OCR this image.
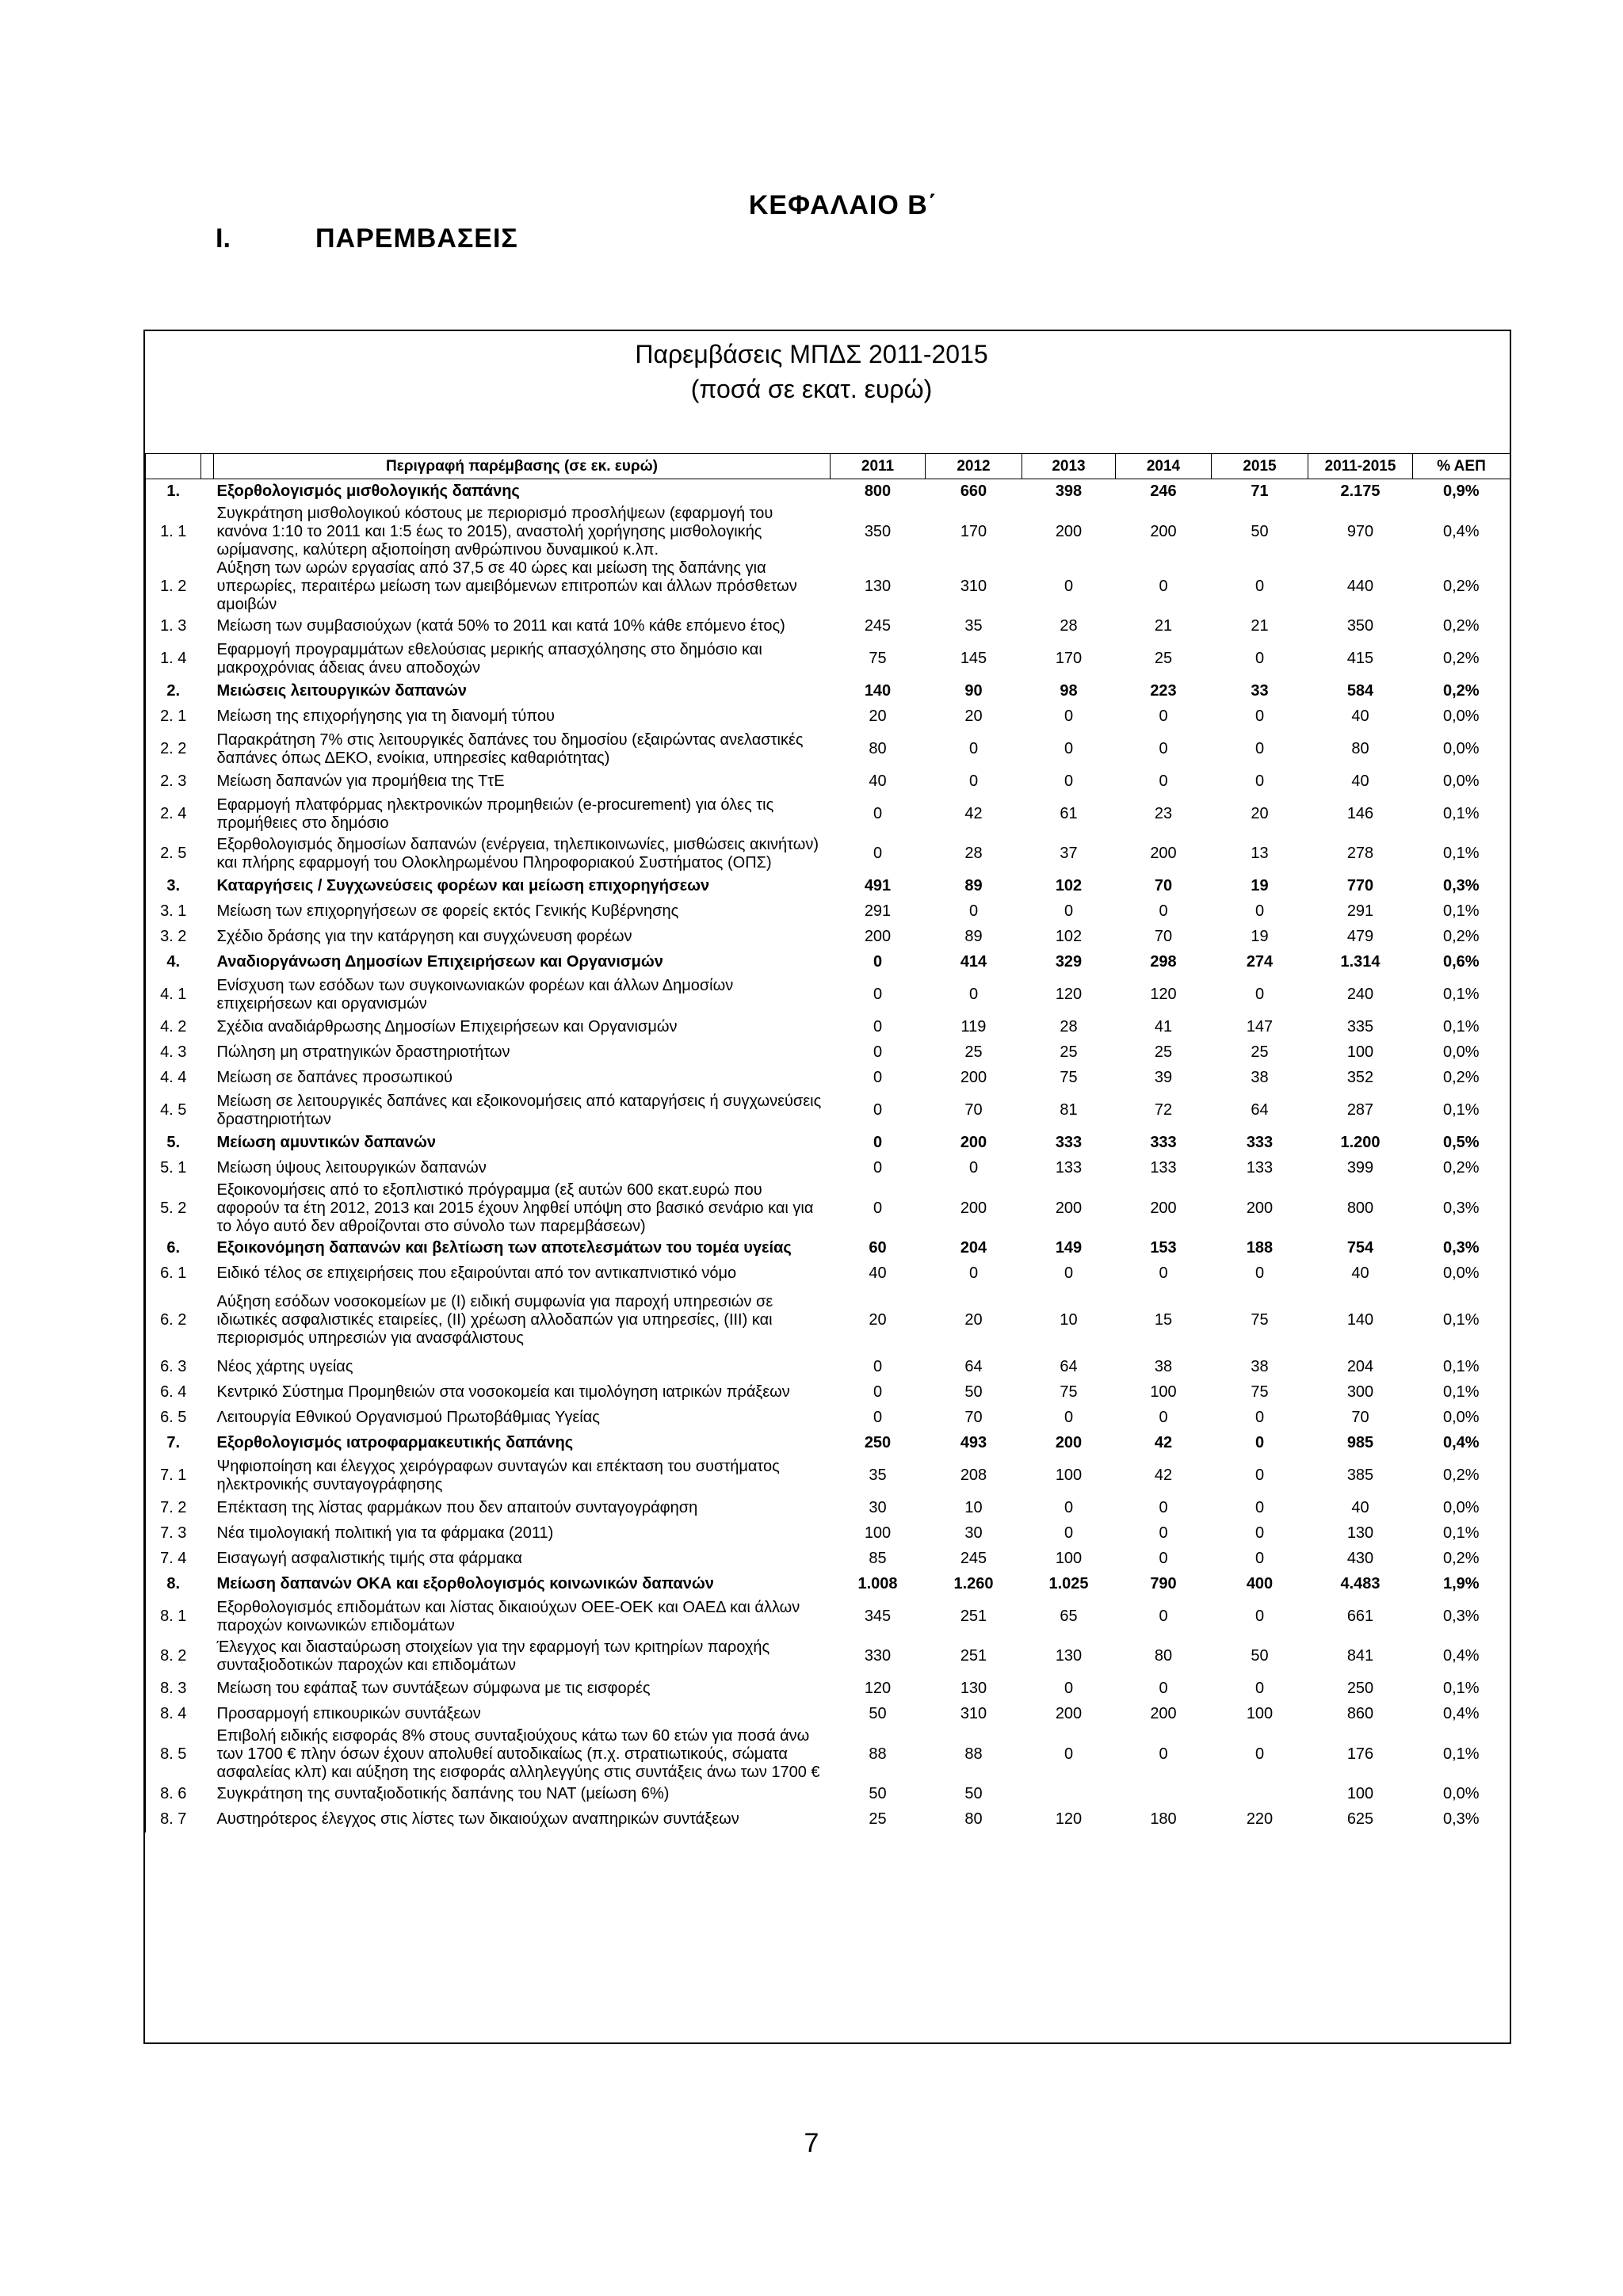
ΚΕΦΑΛΑΙΟ Β΄
I.	ΠΑΡΕΜΒΑΣΕΙΣ
Παρεμβάσεις ΜΠΔΣ 2011-2015
(ποσά σε εκατ. ευρώ)
		Περιγραφή παρέμβασης (σε εκ. ευρώ)	2011	2012	2013	2014	2015	2011-2015	% ΑΕΠ
1.		Εξορθολογισμός μισθολογικής δαπάνης	800	660	398	246	71	2.175	0,9%
1. 1		Συγκράτηση μισθολογικού κόστους με περιορισμό προσλήψεων (εφαρμογή του κανόνα 1:10 το 2011 και 1:5 έως το 2015), αναστολή χορήγησης μισθολογικής ωρίμανσης, καλύτερη αξιοποίηση ανθρώπινου δυναμικού κ.λπ.	350	170	200	200	50	970	0,4%
1. 2		Αύξηση των ωρών εργασίας από 37,5 σε 40 ώρες και μείωση της δαπάνης για υπερωρίες, περαιτέρω μείωση των αμειβόμενων επιτροπών και άλλων πρόσθετων αμοιβών	130	310	0	0	0	440	0,2%
1. 3		Μείωση των συμβασιούχων (κατά 50% το 2011 και κατά 10% κάθε επόμενο έτος)	245	35	28	21	21	350	0,2%
1. 4		Εφαρμογή προγραμμάτων εθελούσιας μερικής απασχόλησης στο δημόσιο και μακροχρόνιας άδειας άνευ αποδοχών	75	145	170	25	0	415	0,2%
2.		Μειώσεις λειτουργικών δαπανών	140	90	98	223	33	584	0,2%
2. 1		Μείωση της επιχορήγησης για τη διανομή τύπου	20	20	0	0	0	40	0,0%
2. 2		Παρακράτηση 7% στις λειτουργικές δαπάνες του δημοσίου (εξαιρώντας ανελαστικές δαπάνες όπως ΔΕΚΟ, ενοίκια, υπηρεσίες καθαριότητας)	80	0	0	0	0	80	0,0%
2. 3		Μείωση δαπανών για προμήθεια της ΤτΕ	40	0	0	0	0	40	0,0%
2. 4		Εφαρμογή πλατφόρμας ηλεκτρονικών προμηθειών (e-procurement) για όλες τις προμήθειες στο δημόσιο	0	42	61	23	20	146	0,1%
2. 5		Εξορθολογισμός δημοσίων δαπανών (ενέργεια, τηλεπικοινωνίες, μισθώσεις ακινήτων) και πλήρης εφαρμογή του Ολοκληρωμένου Πληροφοριακού Συστήματος (ΟΠΣ)	0	28	37	200	13	278	0,1%
3.		Καταργήσεις / Συγχωνεύσεις φορέων και μείωση επιχορηγήσεων	491	89	102	70	19	770	0,3%
3. 1		Μείωση των επιχορηγήσεων σε φορείς εκτός Γενικής Κυβέρνησης	291	0	0	0	0	291	0,1%
3. 2		Σχέδιο δράσης για την κατάργηση και συγχώνευση φορέων	200	89	102	70	19	479	0,2%
4.		Αναδιοργάνωση Δημοσίων Επιχειρήσεων και Οργανισμών	0	414	329	298	274	1.314	0,6%
4. 1		Ενίσχυση των εσόδων των συγκοινωνιακών φορέων και άλλων Δημοσίων επιχειρήσεων και οργανισμών	0	0	120	120	0	240	0,1%
4. 2		Σχέδια αναδιάρθρωσης Δημοσίων Επιχειρήσεων και Οργανισμών	0	119	28	41	147	335	0,1%
4. 3		Πώληση μη στρατηγικών δραστηριοτήτων	0	25	25	25	25	100	0,0%
4. 4		Μείωση σε δαπάνες προσωπικού	0	200	75	39	38	352	0,2%
4. 5		Μείωση σε λειτουργικές δαπάνες και εξοικονομήσεις από καταργήσεις ή συγχωνεύσεις δραστηριοτήτων	0	70	81	72	64	287	0,1%
5.		Μείωση αμυντικών δαπανών	0	200	333	333	333	1.200	0,5%
5. 1		Μείωση ύψους λειτουργικών δαπανών	0	0	133	133	133	399	0,2%
5. 2		Εξοικονομήσεις από το εξοπλιστικό πρόγραμμα (εξ αυτών 600 εκατ.ευρώ που αφορούν τα έτη 2012, 2013 και 2015 έχουν ληφθεί υπόψη στο βασικό σενάριο και για το λόγο αυτό δεν αθροίζονται στο σύνολο των παρεμβάσεων)	0	200	200	200	200	800	0,3%
6.		Εξοικονόμηση δαπανών και βελτίωση των αποτελεσμάτων του τομέα υγείας	60	204	149	153	188	754	0,3%
6. 1		Ειδικό τέλος σε επιχειρήσεις που εξαιρούνται από τον αντικαπνιστικό νόμο	40	0	0	0	0	40	0,0%
6. 2		Αύξηση εσόδων νοσοκομείων με (Ι) ειδική συμφωνία για παροχή υπηρεσιών σε ιδιωτικές ασφαλιστικές εταιρείες, (ΙΙ) χρέωση αλλοδαπών για υπηρεσίες, (ΙΙΙ) και περιορισμός υπηρεσιών για ανασφάλιστους	20	20	10	15	75	140	0,1%
6. 3		Νέος χάρτης υγείας	0	64	64	38	38	204	0,1%
6. 4		Κεντρικό Σύστημα Προμηθειών στα νοσοκομεία και τιμολόγηση ιατρικών πράξεων	0	50	75	100	75	300	0,1%
6. 5		Λειτουργία Εθνικού Οργανισμού Πρωτοβάθμιας Υγείας	0	70	0	0	0	70	0,0%
7.		Εξορθολογισμός ιατροφαρμακευτικής δαπάνης	250	493	200	42	0	985	0,4%
7. 1		Ψηφιοποίηση και έλεγχος χειρόγραφων συνταγών και επέκταση του συστήματος ηλεκτρονικής συνταγογράφησης	35	208	100	42	0	385	0,2%
7. 2		Επέκταση της λίστας φαρμάκων που δεν απαιτούν συνταγογράφηση	30	10	0	0	0	40	0,0%
7. 3		Νέα τιμολογιακή πολιτική για τα φάρμακα (2011)	100	30	0	0	0	130	0,1%
7. 4		Εισαγωγή ασφαλιστικής τιμής στα φάρμακα	85	245	100	0	0	430	0,2%
8.		Μείωση δαπανών ΟΚΑ και εξορθολογισμός κοινωνικών δαπανών	1.008	1.260	1.025	790	400	4.483	1,9%
8. 1		Εξορθολογισμός επιδομάτων και λίστας δικαιούχων ΟΕΕ-ΟΕΚ και ΟΑΕΔ και άλλων παροχών κοινωνικών επιδομάτων	345	251	65	0	0	661	0,3%
8. 2		Έλεγχος και διασταύρωση στοιχείων για την εφαρμογή των κριτηρίων παροχής συνταξιοδοτικών παροχών και επιδομάτων	330	251	130	80	50	841	0,4%
8. 3		Μείωση του εφάπαξ των συντάξεων σύμφωνα με τις εισφορές	120	130	0	0	0	250	0,1%
8. 4		Προσαρμογή επικουρικών συντάξεων	50	310	200	200	100	860	0,4%
8. 5		Επιβολή ειδικής εισφοράς 8% στους συνταξιούχους κάτω των 60 ετών για ποσά άνω των 1700 € πλην όσων έχουν απολυθεί αυτοδικαίως (π.χ. στρατιωτικούς, σώματα ασφαλείας κλπ) και αύξηση της εισφοράς αλληλεγγύης στις συντάξεις άνω των 1700 €	88	88	0	0	0	176	0,1%
8. 6		Συγκράτηση της συνταξιοδοτικής δαπάνης του ΝΑΤ (μείωση 6%)	50	50				100	0,0%
8. 7		Αυστηρότερος έλεγχος στις λίστες των δικαιούχων αναπηρικών συντάξεων	25	80	120	180	220	625	0,3%
7
